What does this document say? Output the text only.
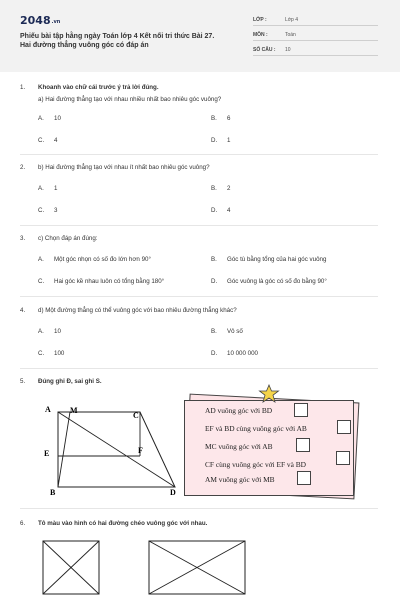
2048.vn
Phiếu bài tập hằng ngày Toán lớp 4 Kết nối tri thức Bài 27.
Hai đường thẳng vuông góc có đáp án
LỚP :	Lớp 4
MÔN :	Toán
SỐ CÂU : 10
1. Khoanh vào chữ cái trước ý trả lời đúng.
a) Hai đường thẳng tạo với nhau nhiều nhất bao nhiêu góc vuông?
A. 10	B. 6
C. 4	D. 1
2. b) Hai đường thẳng tạo với nhau ít nhất bao nhiêu góc vuông?
A. 1	B. 2
C. 3	D. 4
3. c) Chọn đáp án đúng:
A. Một góc nhọn có số đo lớn hơn 90°	B. Góc tù bằng tổng của hai góc vuông
C. Hai góc kề nhau luôn có tổng bằng 180°	D. Góc vuông là góc có số đo bằng 90°
4. d) Một đường thẳng có thể vuông góc với bao nhiêu đường thẳng khác?
A. 10	B. Vô số
C. 100	D. 10 000 000
5. Đúng ghi Đ, sai ghi S.
A M
C
E	F
B	D
AD vuông góc với BD
EF và BD cùng vuông góc với AB
MC vuông góc với AB
CF cùng vuông góc với EF và BD
AM vuông góc với MB
6. Tô màu vào hình có hai đường chéo vuông góc với nhau.
